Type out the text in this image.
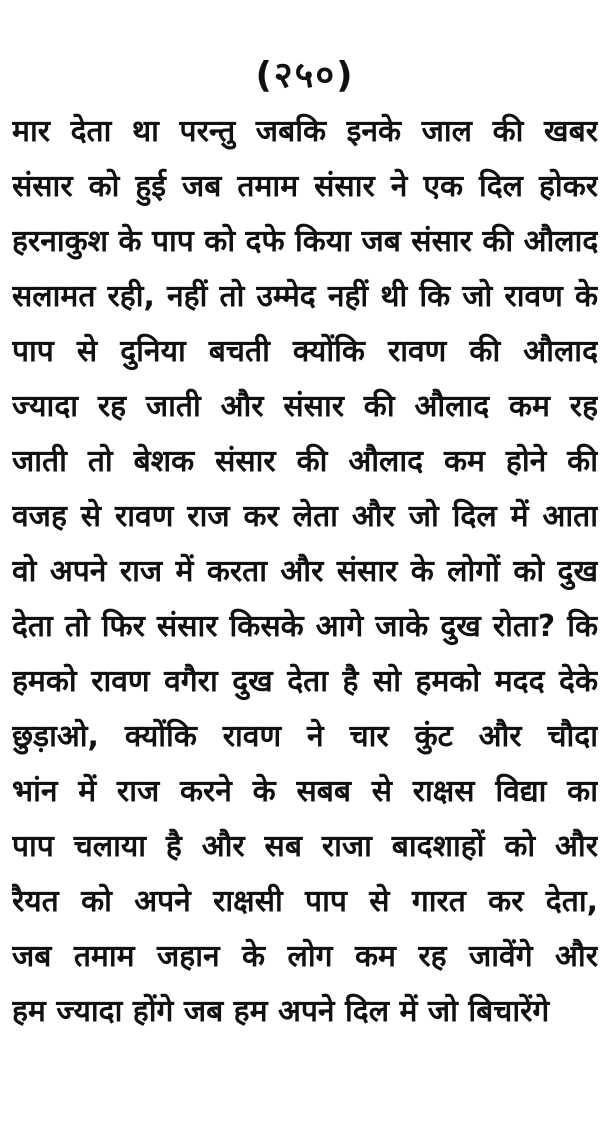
(२५०)
मार देता था परन्तु जबकि इनके जाल की खबर
संसार को हुई जब तमाम संसार ने एक दिल होकर
हरनाकुश के पाप को दफे किया जब संसार की औलाद
सलामत रही, नहीं तो उम्मेद नहीं थी कि जो रावण के
पाप से दुनिया बचती क्योंकि रावण की औलाद
ज्यादा रह जाती और संसार की औलाद कम रह
जाती तो बेशक संसार की औलाद कम होने की
वजह से रावण राज कर लेता और जो दिल में आता
वो अपने राज में करता और संसार के लोगों को दुख
देता तो फिर संसार किसके आगे जाके दुख रोता? कि
हमको रावण वगैरा दुख देता है सो हमको मदद देके
छुड़ाओ, क्योंकि रावण ने चार कुंट और चौदा
भांन में राज करने के सबब से राक्षस विद्या का
पाप चलाया है और सब राजा बादशाहों को और
रैयत को अपने राक्षसी पाप से गारत कर देता,
जब तमाम जहान के लोग कम रह जावेंगे और
हम ज्यादा होंगे जब हम अपने दिल में जो बिचारेंगे
